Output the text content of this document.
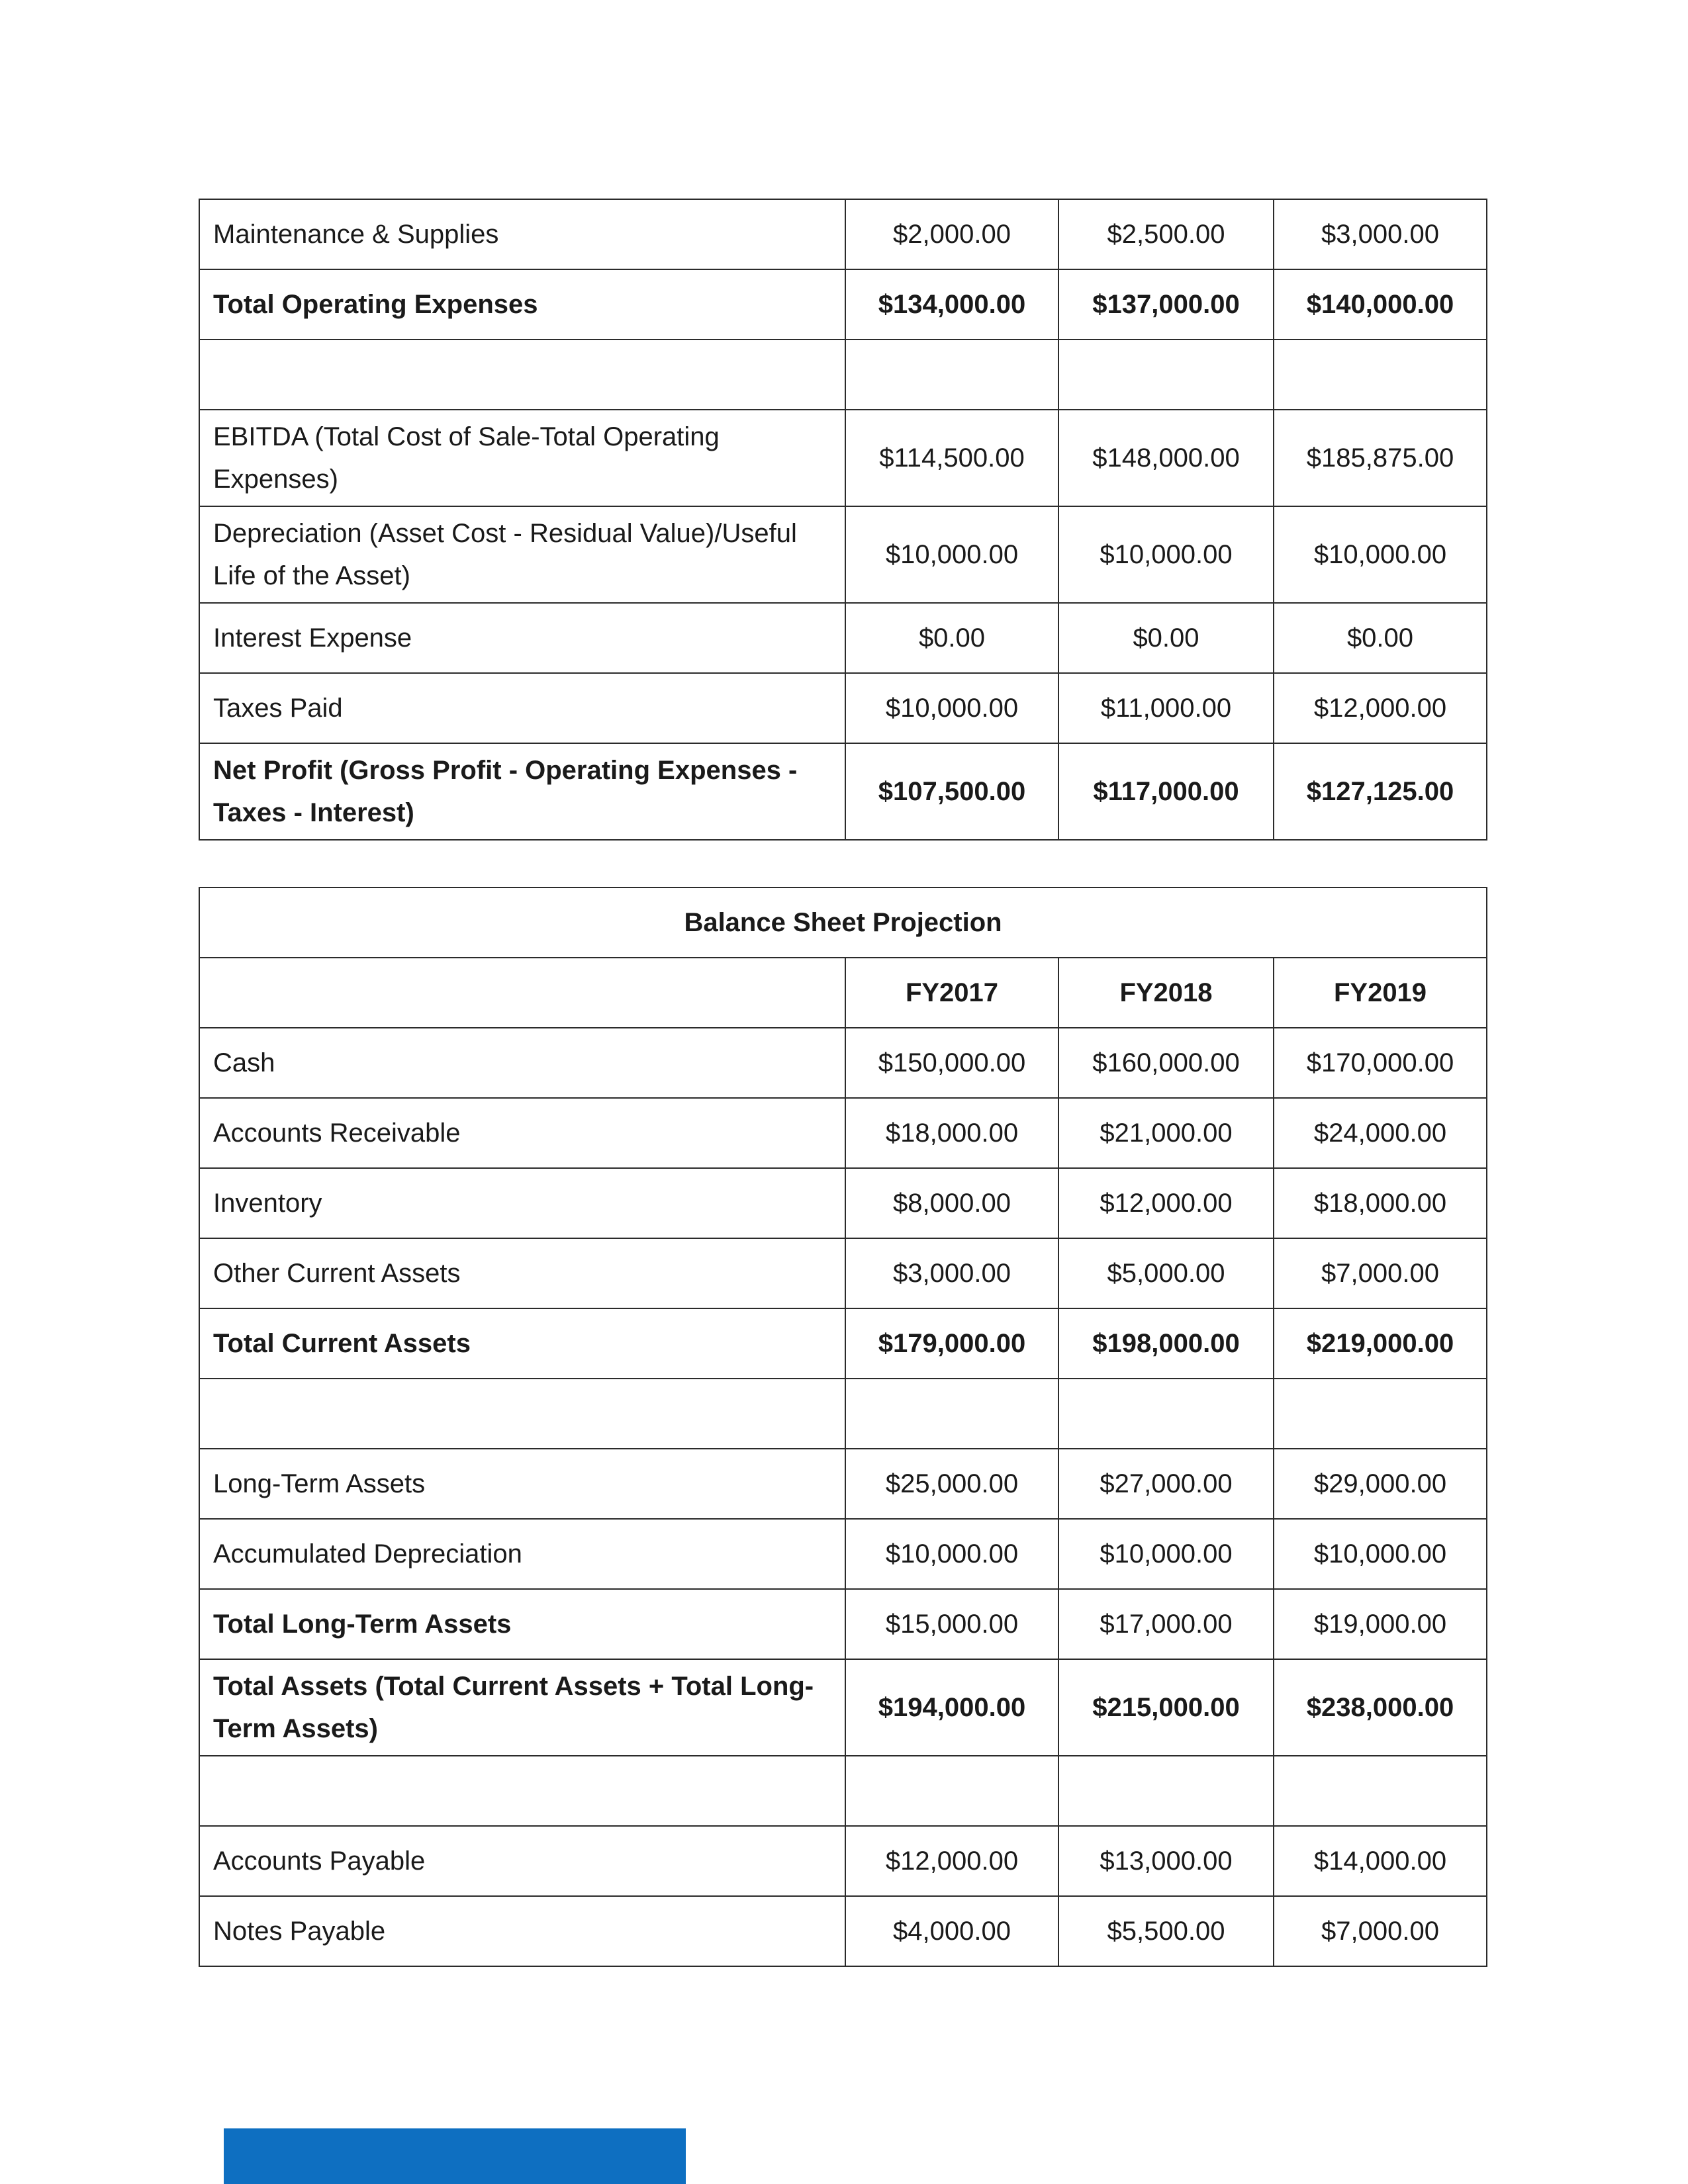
Maintenance & Supplies	$2,000.00	$2,500.00	$3,000.00
Total Operating Expenses	$134,000.00	$137,000.00	$140,000.00

EBITDA (Total Cost of Sale-Total Operating Expenses)	$114,500.00	$148,000.00	$185,875.00
Depreciation (Asset Cost - Residual Value)/Useful Life of the Asset)	$10,000.00	$10,000.00	$10,000.00
Interest Expense	$0.00	$0.00	$0.00
Taxes Paid	$10,000.00	$11,000.00	$12,000.00
Net Profit (Gross Profit - Operating Expenses - Taxes - Interest)	$107,500.00	$117,000.00	$127,125.00
Balance Sheet Projection			
	FY2017	FY2018	FY2019
Cash	$150,000.00	$160,000.00	$170,000.00
Accounts Receivable	$18,000.00	$21,000.00	$24,000.00
Inventory	$8,000.00	$12,000.00	$18,000.00
Other Current Assets	$3,000.00	$5,000.00	$7,000.00
Total Current Assets	$179,000.00	$198,000.00	$219,000.00

Long-Term Assets	$25,000.00	$27,000.00	$29,000.00
Accumulated Depreciation	$10,000.00	$10,000.00	$10,000.00
Total Long-Term Assets	$15,000.00	$17,000.00	$19,000.00
Total Assets (Total Current Assets + Total Long-Term Assets)	$194,000.00	$215,000.00	$238,000.00

Accounts Payable	$12,000.00	$13,000.00	$14,000.00
Notes Payable	$4,000.00	$5,500.00	$7,000.00
